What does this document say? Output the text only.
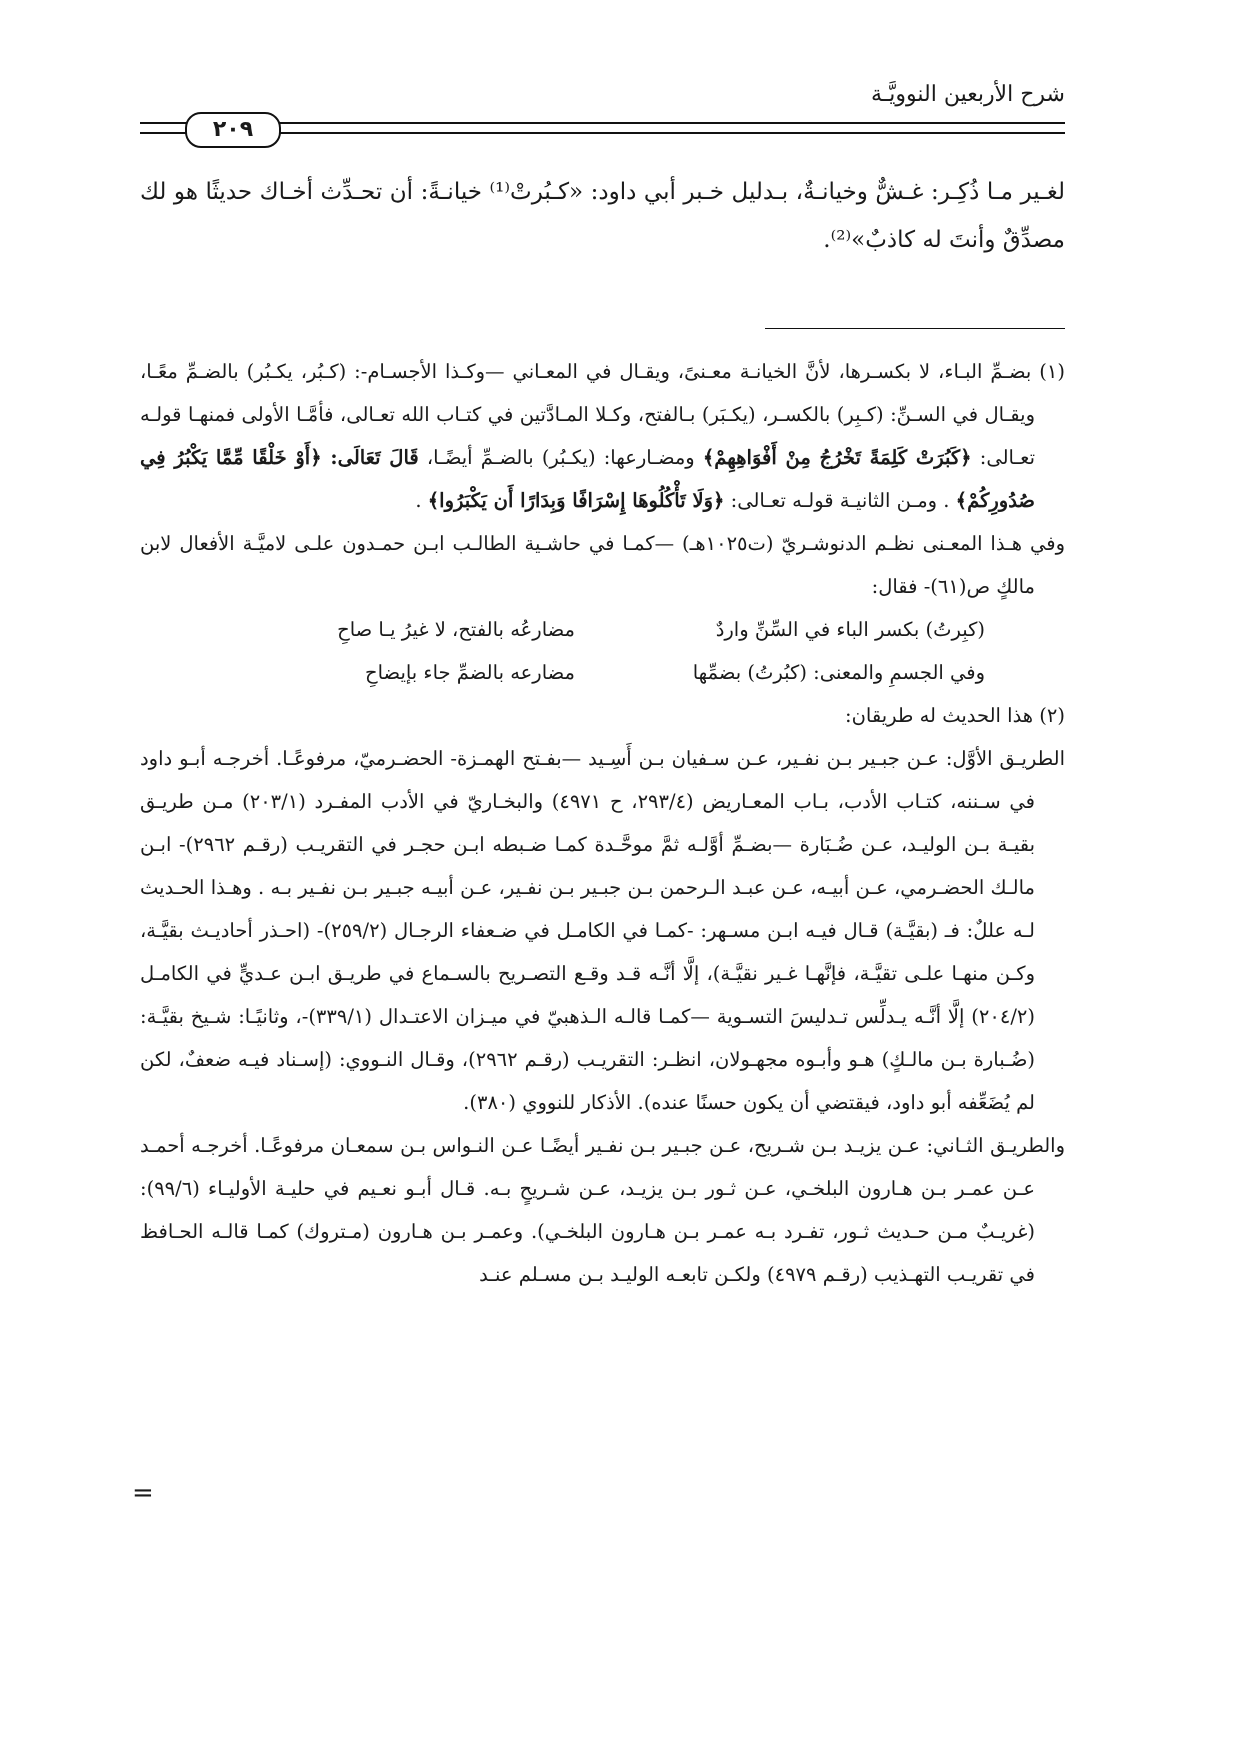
شرح الأربعين النوويَّـة
٢٠٩

لغـير مـا ذُكِـر: غـشٌّ وخيانـةٌ، بـدليل خـبر أبي داود: «كـبُرتْ⁽¹⁾ خيانـةً: أن تحـدِّث أخـاك حديثًا هو لك مصدِّقٌ وأنتَ له كاذبٌ»⁽²⁾.

(١) بضـمِّ البـاء، لا بكسـرها، لأنَّ الخيانـة معـنىً، ويقـال في المعـاني —وكـذا الأجسـام-: (كـبُر، يكـبُر) بالضـمِّ معًـا، ويقـال في السـنِّ: (كـبِر) بالكسـر، (يكـبَر) بـالفتح، وكـلا المـادَّتين في كتـاب الله تعـالى، فأمَّـا الأولى فمنهـا قولـه تعـالى: ﴿كَبُرَتْ كَلِمَةً تَخْرُجُ مِنْ أَفْوَاهِهِمْ﴾ ومضـارعها: (يكـبُر) بالضـمِّ أيضًـا، قَالَ تَعَالَى: ﴿أَوْ خَلْقًا مِّمَّا يَكْبُرُ فِي صُدُورِكُمْ﴾ . ومـن الثانيـة قولـه تعـالى: ﴿وَلَا تَأْكُلُوهَا إِسْرَافًا وَبِدَارًا أَن يَكْبَرُوا﴾ .

وفي هـذا المعـنى نظـم الدنوشـريّ (ت١٠٢٥هـ) —كمـا في حاشـية الطالـب ابـن حمـدون علـى لاميَّـة الأفعال لابن مالكٍ ص(٦١)- فقال:

(كبِرتُ) بكسر الباء في السِّنِّ واردٌ
مضارعُه بالفتح، لا غيرُ يـا صاحِ
وفي الجسمِ والمعنى: (كبُرتُ) بضمِّها
مضارعه بالضمِّ جاء بإيضاحِ

(٢) هذا الحديث له طريقان:

الطريـق الأوَّل: عـن جبـير بـن نفـير، عـن سـفيان بـن أَسِـيد —بفـتح الهمـزة- الحضـرميّ، مرفوعًـا. أخرجـه أبـو داود في سـننه، كتـاب الأدب، بـاب المعـاريض (٢٩٣/٤، ح ٤٩٧١) والبخـاريّ في الأدب المفـرد (٢٠٣/١) مـن طريـق بقيـة بـن الوليـد، عـن ضُـبَارة —بضـمِّ أوَّلـه ثمَّ موحَّـدة كمـا ضـبطه ابـن حجـر في التقريـب (رقـم ٢٩٦٢)- ابـن مالـك الحضـرمي، عـن أبيـه، عـن عبـد الـرحمن بـن جبـير بـن نفـير، عـن أبيـه جبـير بـن نفـير بـه . وهـذا الحـديث لـه عللٌ: فـ (بقيَّـة) قـال فيـه ابـن مسـهر: -كمـا في الكامـل في ضـعفاء الرجـال (٢٥٩/٢)- (احـذر أحاديـث بقيَّـة، وكـن منهـا علـى تقيَّـة، فإنَّهـا غـير نقيَّـة)، إلَّا أنَّـه قـد وقـع التصـريح بالسـماع في طريـق ابـن عـديٍّ في الكامـل (٢٠٤/٢) إلَّا أنَّـه يـدلِّس تـدليسَ التسـوية —كمـا قالـه الـذهبيّ في ميـزان الاعتـدال (٣٣٩/١)-، وثانيًـا: شـيخ بقيَّـة: (ضُـبارة بـن مالـكٍ) هـو وأبـوه مجهـولان، انظـر: التقريـب (رقـم ٢٩٦٢)، وقـال النـووي: (إسـناد فيـه ضعفٌ، لكن لم يُضَعِّفه أبو داود، فيقتضي أن يكون حسنًا عنده). الأذكار للنووي (٣٨٠).

والطريـق الثـاني: عـن يزيـد بـن شـريح، عـن جبـير بـن نفـير أيضًـا عـن النـواس بـن سمعـان مرفوعًـا. أخرجـه أحمـد عـن عمـر بـن هـارون البلخـي، عـن ثـور بـن يزيـد، عـن شـريحٍ بـه. قـال أبـو نعـيم في حليـة الأوليـاء (٩٩/٦): (غريـبٌ مـن حـديث ثـور، تفـرد بـه عمـر بـن هـارون البلخـي). وعمـر بـن هـارون (مـتروك) كمـا قالـه الحـافظ في تقريـب التهـذيب (رقـم ٤٩٧٩) ولكـن تابعـه الوليـد بـن مسـلم عنـد

=
